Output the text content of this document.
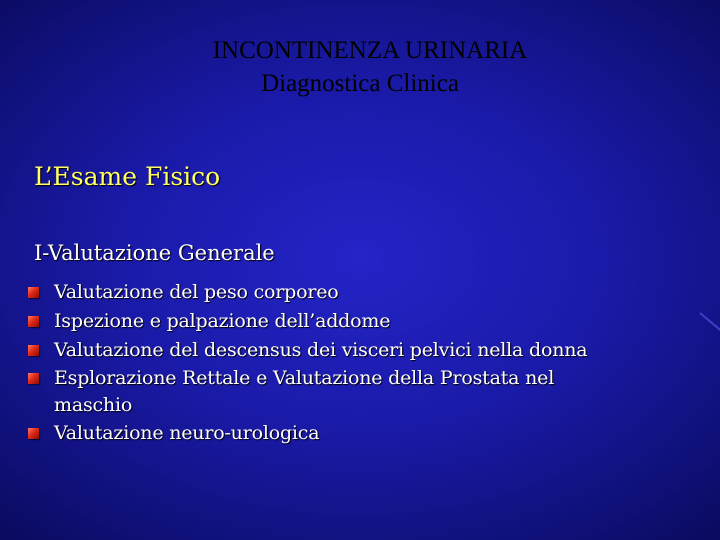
INCONTINENZA URINARIA
Diagnostica Clinica
L’Esame Fisico
I-Valutazione Generale
Valutazione del peso corporeo
Ispezione e palpazione dell’addome
Valutazione del descensus dei visceri pelvici nella donna
Esplorazione Rettale e Valutazione della Prostata nel maschio
Valutazione neuro-urologica
